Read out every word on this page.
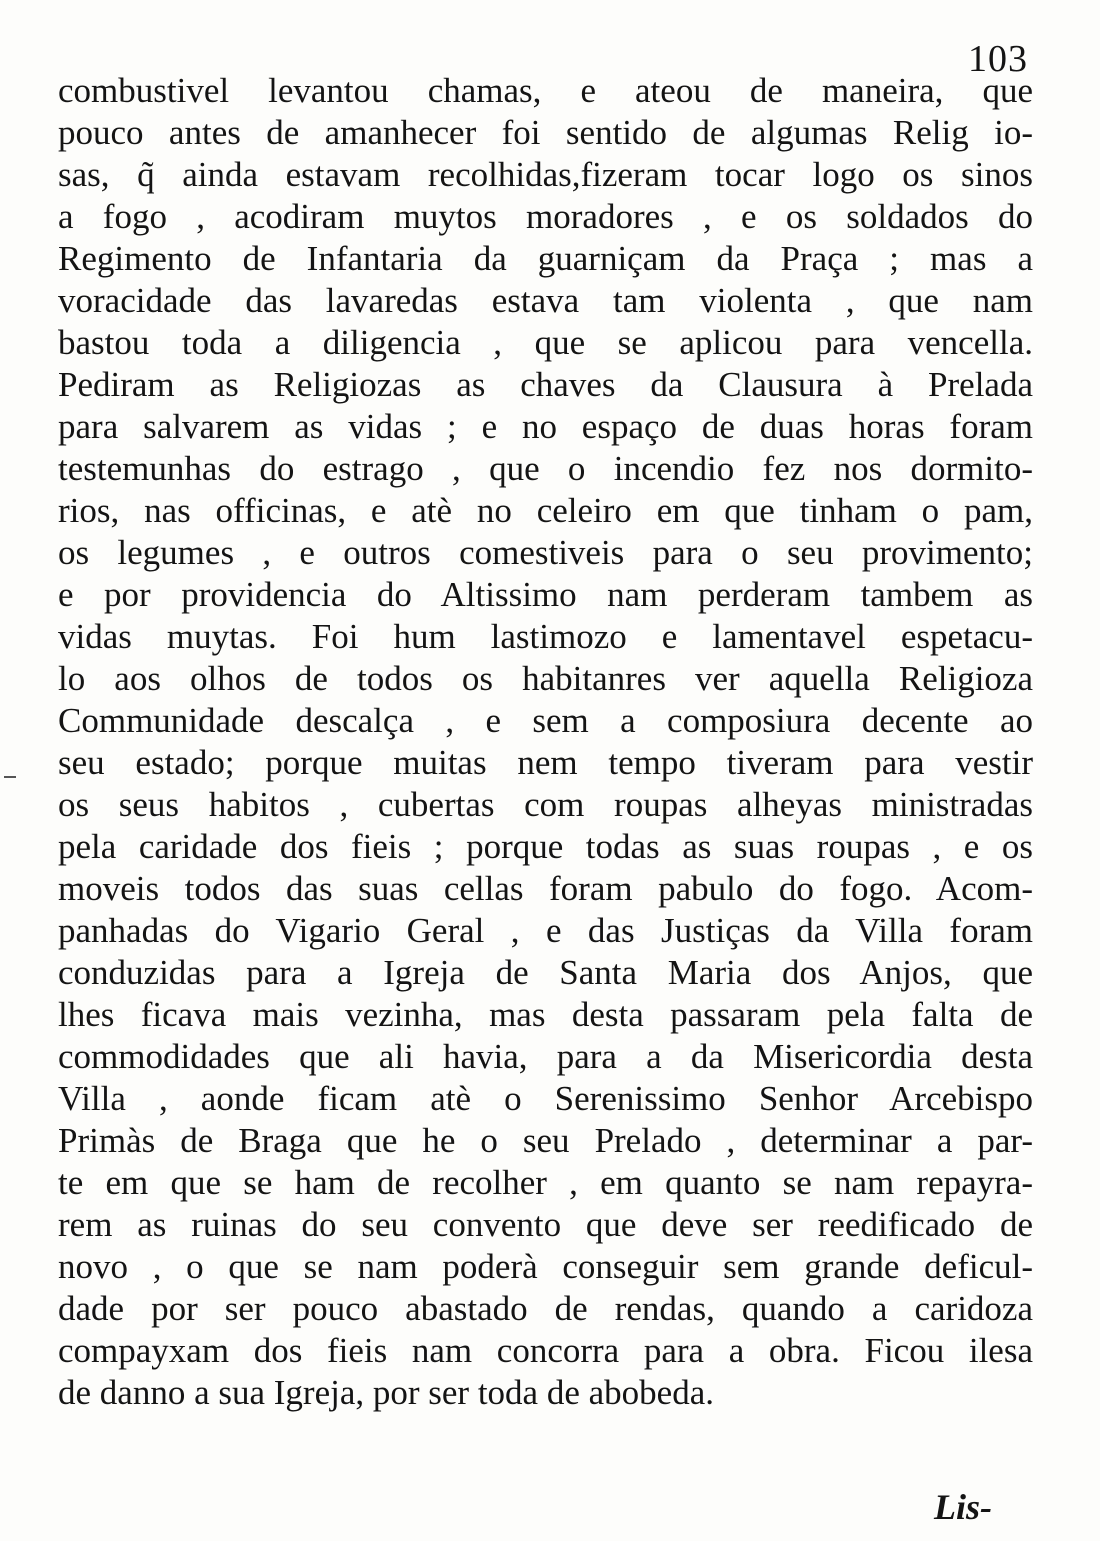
103
combustivel levantou chamas, e ateou de maneira, que
pouco antes de amanhecer foi sentido de algumas Relig io-
sas, q̃ ainda estavam recolhidas,fizeram tocar logo os sinos
a fogo , acodiram muytos moradores , e os soldados do
Regimento de Infantaria da guarniçam da Praça ; mas a
voracidade das lavaredas estava tam violenta , que nam
bastou toda a diligencia , que se aplicou para vencella.
Pediram as Religiozas as chaves da Clausura à Prelada
para salvarem as vidas ; e no espaço de duas horas foram
testemunhas do estrago , que o incendio fez nos dormito-
rios, nas officinas, e atè no celeiro em que tinham o pam,
os legumes , e outros comestiveis para o seu provimento;
e por providencia do Altissimo nam perderam tambem as
vidas muytas. Foi hum lastimozo e lamentavel espetacu-
lo aos olhos de todos os habitanres ver aquella Religioza
Communidade descalça , e sem a composiura decente ao
seu estado; porque muitas nem tempo tiveram para vestir
os seus habitos , cubertas com roupas alheyas ministradas
pela caridade dos fieis ; porque todas as suas roupas , e os
moveis todos das suas cellas foram pabulo do fogo. Acom-
panhadas do Vigario Geral , e das Justiças da Villa foram
conduzidas para a Igreja de Santa Maria dos Anjos, que
lhes ficava mais vezinha, mas desta passaram pela falta de
commodidades que ali havia, para a da Misericordia desta
Villa , aonde ficam atè o Serenissimo Senhor Arcebispo
Primàs de Braga que he o seu Prelado , determinar a par-
te em que se ham de recolher , em quanto se nam repayra-
rem as ruinas do seu convento que deve ser reedificado de
novo , o que se nam poderà conseguir sem grande deficul-
dade por ser pouco abastado de rendas, quando a caridoza
compayxam dos fieis nam concorra para a obra. Ficou ilesa
de danno a sua Igreja, por ser toda de abobeda.
Lis-
